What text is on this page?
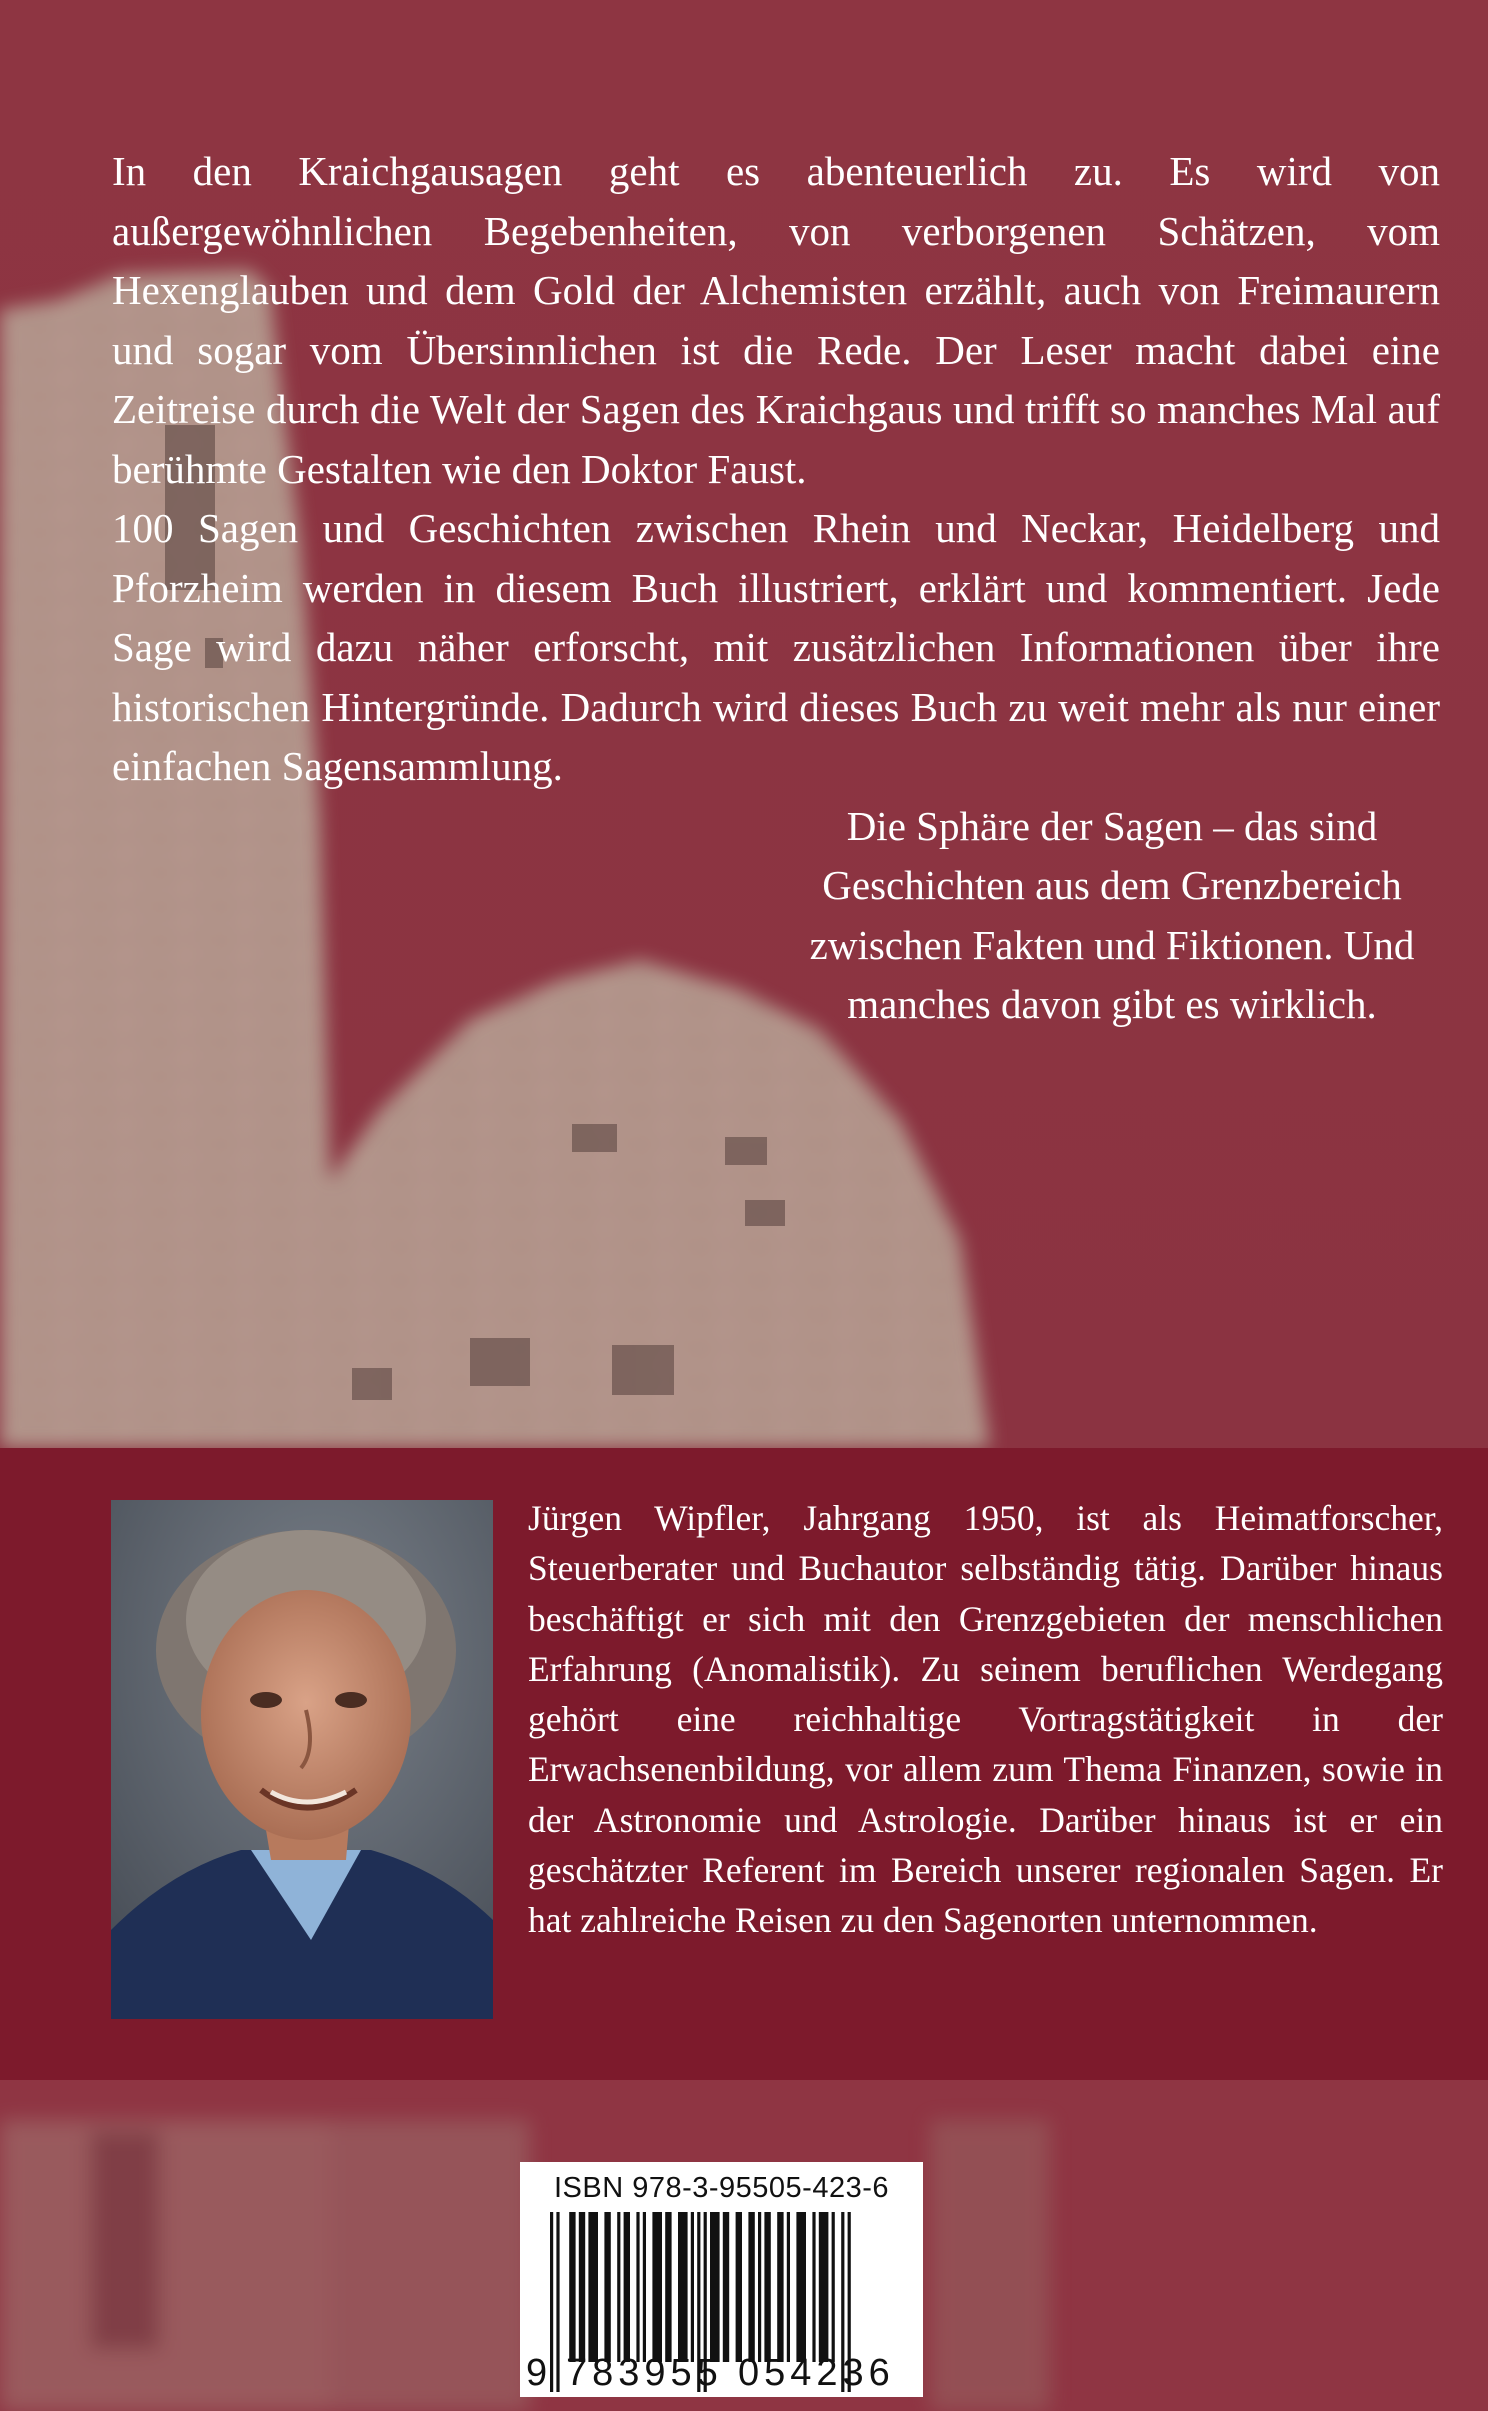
In den Kraichgausagen geht es abenteuerlich zu. Es wird von außergewöhnlichen Begebenheiten, von verborgenen Schätzen, vom Hexenglauben und dem Gold der Alchemisten erzählt, auch von Freimaurern und sogar vom Übersinnlichen ist die Rede. Der Leser macht dabei eine Zeitreise durch die Welt der Sagen des Kraichgaus und trifft so manches Mal auf berühmte Gestalten wie den Doktor Faust.

100 Sagen und Geschichten zwischen Rhein und Neckar, Heidelberg und Pforzheim werden in diesem Buch illustriert, erklärt und kommentiert. Jede Sage wird dazu näher erforscht, mit zusätzlichen Informationen über ihre historischen Hintergründe. Dadurch wird dieses Buch zu weit mehr als nur einer einfachen Sagensammlung.

Die Sphäre der Sagen – das sind Geschichten aus dem Grenzbereich zwischen Fakten und Fiktionen. Und manches davon gibt es wirklich.

Jürgen Wipfler, Jahrgang 1950, ist als Heimatforscher, Steuerberater und Buchautor selbständig tätig. Darüber hinaus beschäftigt er sich mit den Grenzgebieten der menschlichen Erfahrung (Anomalistik). Zu seinem beruflichen Werdegang gehört eine reichhaltige Vortragstätigkeit in der Erwachsenenbildung, vor allem zum Thema Finanzen, sowie in der Astronomie und Astrologie. Darüber hinaus ist er ein geschätzter Referent im Bereich unserer regionalen Sagen. Er hat zahlreiche Reisen zu den Sagenorten unternommen.

ISBN 978-3-95505-423-6
9 783955 054236
